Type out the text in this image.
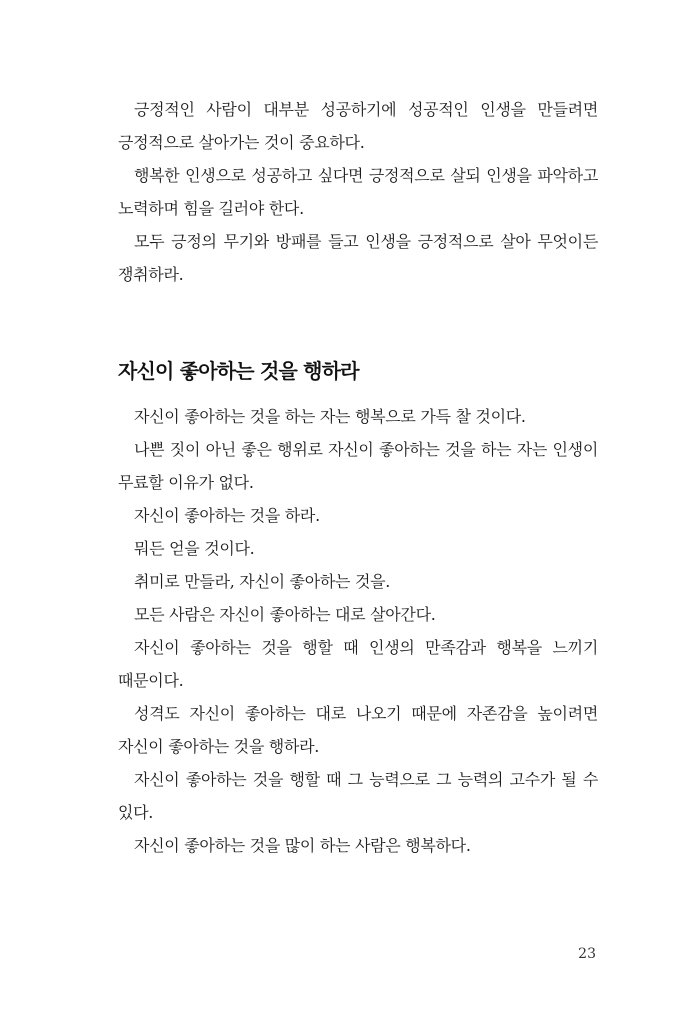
긍정적인 사람이 대부분 성공하기에 성공적인 인생을 만들려면 긍정적으로 살아가는 것이 중요하다.

행복한 인생으로 성공하고 싶다면 긍정적으로 살되 인생을 파악하고 노력하며 힘을 길러야 한다.

모두 긍정의 무기와 방패를 들고 인생을 긍정적으로 살아 무엇이든 쟁취하라.

자신이 좋아하는 것을 행하라

자신이 좋아하는 것을 하는 자는 행복으로 가득 찰 것이다.

나쁜 짓이 아닌 좋은 행위로 자신이 좋아하는 것을 하는 자는 인생이 무료할 이유가 없다.

자신이 좋아하는 것을 하라.

뭐든 얻을 것이다.

취미로 만들라, 자신이 좋아하는 것을.

모든 사람은 자신이 좋아하는 대로 살아간다.

자신이 좋아하는 것을 행할 때 인생의 만족감과 행복을 느끼기 때문이다.

성격도 자신이 좋아하는 대로 나오기 때문에 자존감을 높이려면 자신이 좋아하는 것을 행하라.

자신이 좋아하는 것을 행할 때 그 능력으로 그 능력의 고수가 될 수 있다.

자신이 좋아하는 것을 많이 하는 사람은 행복하다.

23
